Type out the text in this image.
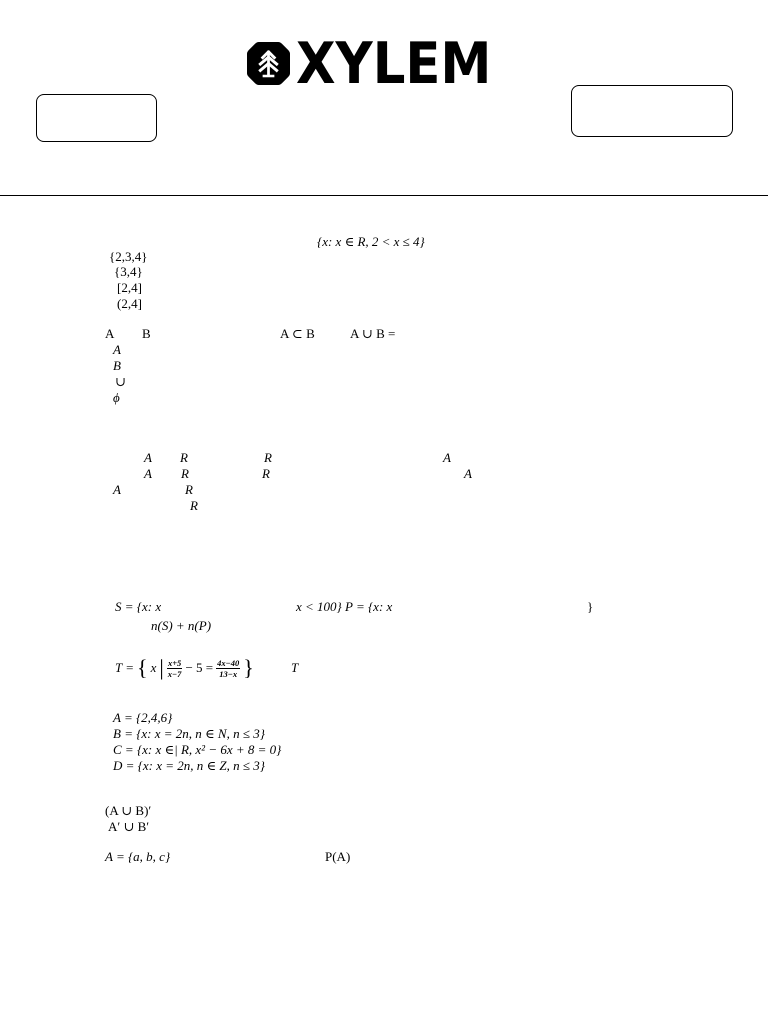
XYLEM
{x: x ∈ R, 2 < x ≤ 4}
{2,3,4}
{3,4}
[2,4]
(2,4]
A B	A ⊂ B	A ∪ B =
A
B
∪
ϕ
A R	R	A
A R	R	A
A	R
R
S = {x: x	x < 100} P = {x: x	}
n(S) + n(P)
T = { x | $\frac{x+5}{x-7} - 5 = \frac{4x-40}{13-x}$ }	T
A = {2,4,6}
B = {x: x = 2n, n ∈ N, n ≤ 3}
C = {x: x ∈| R, x² − 6x + 8 = 0}
D = {x: x = 2n, n ∈ Z, n ≤ 3}
(A ∪ B)′
A′ ∪ B′
A = {a, b, c}	P(A)
